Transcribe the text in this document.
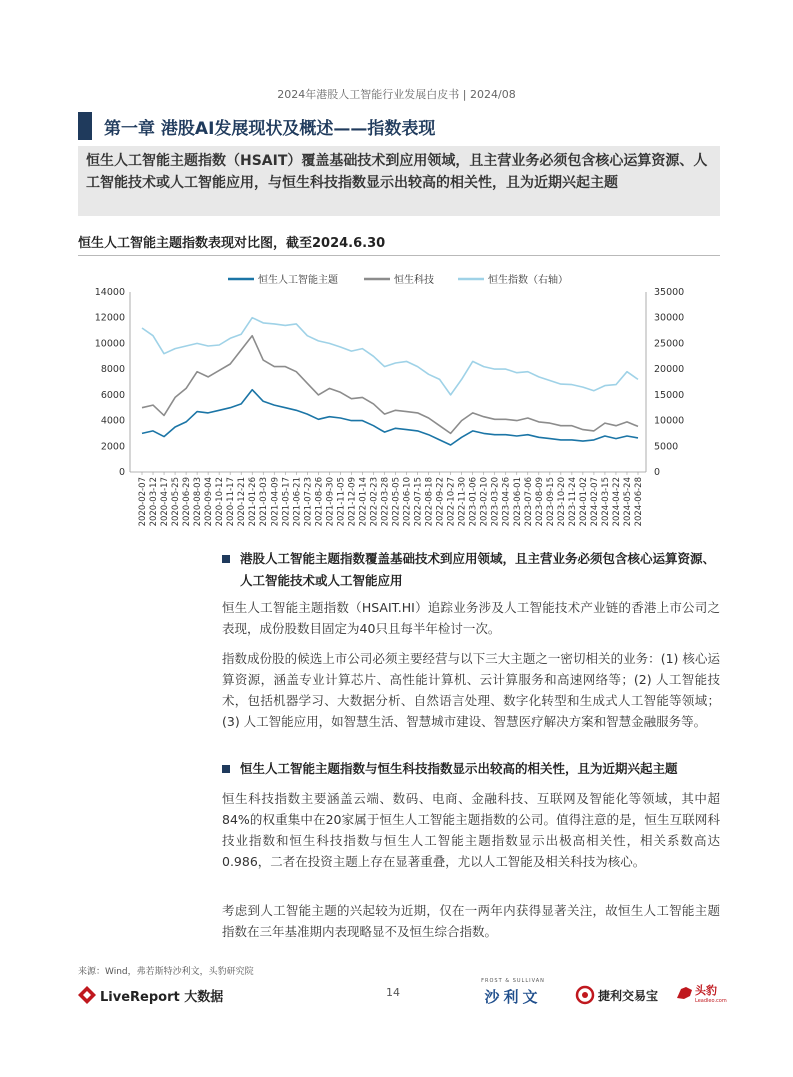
2024年港股人工智能行业发展白皮书 | 2024/08
第一章 港股AI发展现状及概述——指数表现
恒生人工智能主题指数（HSAIT）覆盖基础技术到应用领域，且主营业务必须包含核心运算资源、人工智能技术或人工智能应用，与恒生科技指数显示出较高的相关性，且为近期兴起主题
恒生人工智能主题指数表现对比图，截至2024.6.30
恒生人工智能主题	恒生科技	恒生指数（右轴）
0
2000
4000
6000
8000
10000
12000
14000
0
5000
10000
15000
20000
25000
30000
35000
2020-02-07 2020-03-12 2020-04-17 2020-05-25 2020-06-29 2020-08-03 2020-09-04 2020-10-12 2020-11-17 2020-12-21 2021-01-26 2021-03-03 2021-04-09 2021-05-17 2021-06-21 2021-07-23 2021-08-26 2021-09-30 2021-11-05 2021-12-09 2022-01-14 2022-02-23 2022-03-28 2022-05-05 2022-06-10 2022-07-15 2022-08-18 2022-09-22 2022-10-27 2022-11-30 2023-01-06 2023-02-10 2023-03-20 2023-04-26 2023-06-01 2023-07-06 2023-08-09 2023-09-15 2023-10-20 2023-11-24 2024-01-02 2024-02-07 2024-03-15 2024-04-22 2024-05-24 2024-06-28
港股人工智能主题指数覆盖基础技术到应用领域，且主营业务必须包含核心运算资源、人工智能技术或人工智能应用
恒生人工智能主题指数（HSAIT.HI）追踪业务涉及人工智能技术产业链的香港上市公司之表现，成份股数目固定为40只且每半年检讨一次。
指数成份股的候选上市公司必须主要经营与以下三大主题之一密切相关的业务：(1) 核心运算资源，涵盖专业计算芯片、高性能计算机、云计算服务和高速网络等；(2) 人工智能技术，包括机器学习、大数据分析、自然语言处理、数字化转型和生成式人工智能等领域；(3) 人工智能应用，如智慧生活、智慧城市建设、智慧医疗解决方案和智慧金融服务等。
恒生人工智能主题指数与恒生科技指数显示出较高的相关性，且为近期兴起主题
恒生科技指数主要涵盖云端、数码、电商、金融科技、互联网及智能化等领域，其中超84%的权重集中在20家属于恒生人工智能主题指数的公司。值得注意的是，恒生互联网科技业指数和恒生科技指数与恒生人工智能主题指数显示出极高相关性，相关系数高达0.986，二者在投资主题上存在显著重叠，尤以人工智能及相关科技为核心。
考虑到人工智能主题的兴起较为近期，仅在一两年内获得显著关注，故恒生人工智能主题指数在三年基准期内表现略显不及恒生综合指数。
来源：Wind，弗若斯特沙利文，头豹研究院
LiveReport 大数据	14
FROST & SULLIVAN
沙利文	捷利交易宝	头豹
Leadleo.com
